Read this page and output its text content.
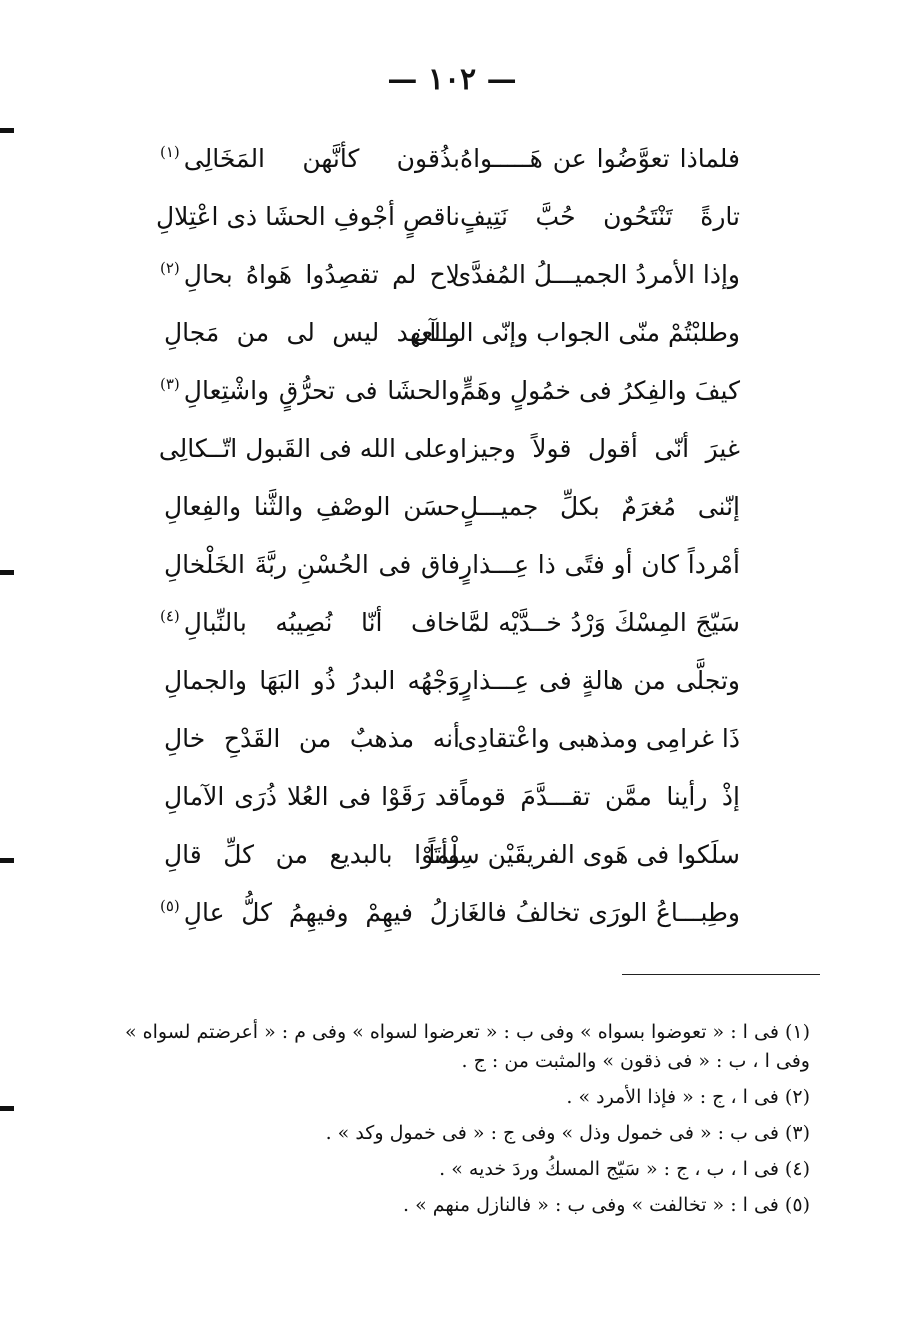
— ١٠٢ —
فلماذا تعوَّضُوا عن هَـــــواهُ
بذُقون كأنَّهن المَخَالِى$^{(١)}$
تارةً تَنْتَحُون حُبَّ نَتِيفٍ
ناقصٍ أجْوفِ الحشَا ذى اعْتِلالِ
وإذا الأمردُ الجميـــلُ المُفدَّى
لاح لم تقصِدُوا هَواهُ بحالِ$^{(٢)}$
وطلبْتُمْ منّى الجواب وإنّى الـــآن
والعهد ليس لى من مَجالِ
كيفَ والفِكرُ فى خمُولٍ وهَمٍّ
والحشَا فى تحرُّقٍ واشْتِعالِ$^{(٣)}$
غيرَ أنّى أقول قولاً وجيزا
وعلى الله فى القَبول اتّــكالِى
إنّنى مُغرَمٌ بكلِّ جميـــلٍ
حسَن الوصْفِ والثَّنا والفِعالِ
أمْرداً كان أو فتًى ذا عِـــذارٍ
فاق فى الحُسْنِ ربَّةَ الخَلْخالِ
سَيّجَ المِسْكَ وَرْدُ خــدَّيْه لمَّا
خاف أنّا نُصِيبُه بالنِّبالِ$^{(٤)}$
وتجلَّى من هالةٍ فى عِـــذارٍ
وَجْهُه البدرُ ذُو البَهَا والجمالِ
ذَا غرامِى ومذهبى واعْتقادِى
أنه مذهبٌ من القَدْحِ خالِ
إذْ رأينا ممَّن تقـــدَّمَ قوماً
قد رَقَوْا فى العُلا ذُرَى الآمالِ
سلَكوا فى هَوى الفريقَيْن سِلْماً
وأتَوْا بالبديع من كلِّ قالِ
وطِبـــاعُ الورَى تخالفُ فالغَا
زلُ فيهِمْ وفيهِمُ كلُّ عالِ$^{(٥)}$

(١) فى ا : « تعوضوا بسواه » وفى ب : « تعرضوا لسواه » وفى م : « أعرضتم لسواه » وفى ا ، ب : « فى ذقون » والمثبت من : ج .

(٢) فى ا ، ج : « فإذا الأمرد » .

(٣) فى ب : « فى خمول وذل » وفى ج : « فى خمول وكد » .

(٤) فى ا ، ب ، ج : « سَيّج المسكُ وردَ خديه » .

(٥) فى ا : « تخالفت » وفى ب : « فالنازل منهم » .
